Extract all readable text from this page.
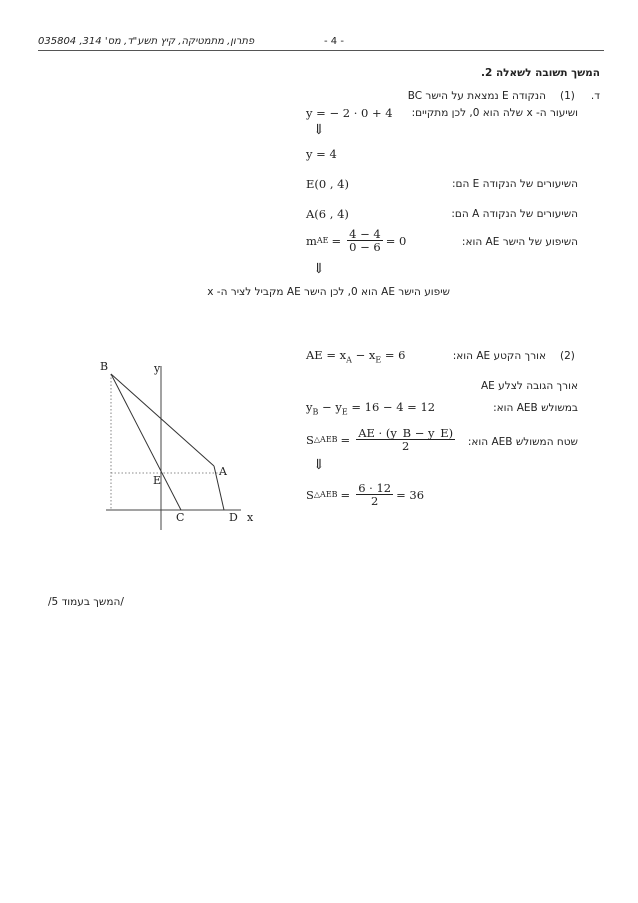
פתרון, מתמטיקה, קיץ תשע"ד, מס' 314, 035804	- 4 -
המשך תשובה לשאלה 2.
ד.
(1)
הנקודה E נמצאת על הישר BC
ושיעור ה- x שלה הוא 0, לכן מתקיים:
y = − 2 · 0 + 4
⇓
y = 4
השיעורים של הנקודה E הם:
E(0 , 4)
השיעורים של הנקודה A הם:
A(6 , 4)
השיפוע של הישר AE הוא:
m AE = $\frac{4 - 4}{0 - 6} = 0$
⇓
שיפוע הישר AE הוא 0, לכן הישר AE מקביל לציר ה- x
(2)
אורך הקטע AE הוא:
AE = $x_A - x_E = 6$
אורך הגובה לצלע AE
במשולש AEB הוא:
$y_B - y_E = 16 - 4 = 12$
שטח המשולש AEB הוא:
S △AEB = $\frac{AE \cdot (y\_B - y\_E)}{2}$
⇓
S △AEB = $\frac{6 \cdot 12}{2} = 36$
B	y
A
E
C	D x
/המשך בעמוד 5/
